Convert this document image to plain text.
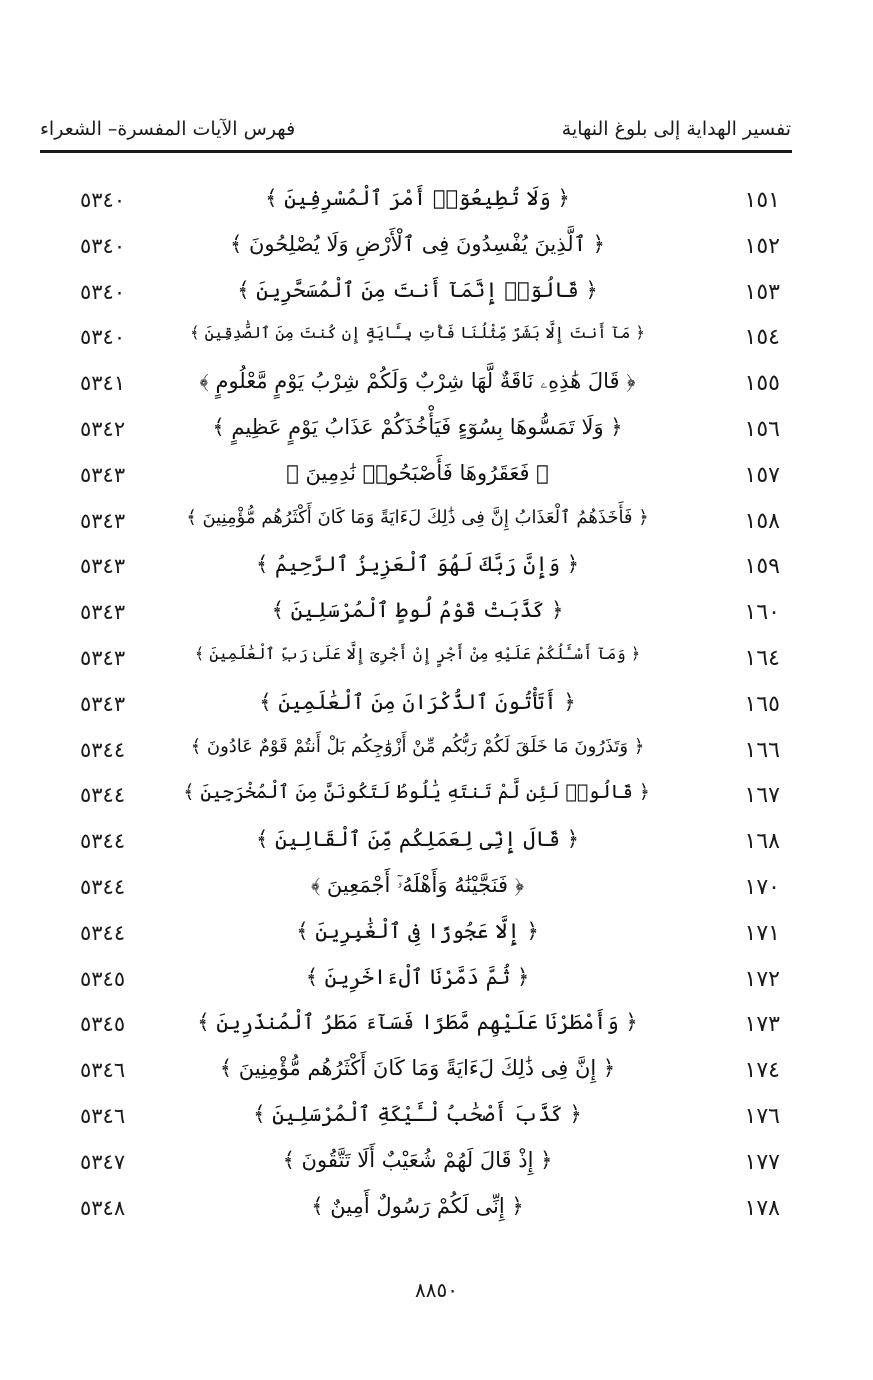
تفسير الهداية إلى بلوغ النهاية
فهرس الآيات المفسرة– الشعراء
١٥١
﴿ وَلَا تُطِيعُوٓا۟ أَمْرَ ٱلْمُسْرِفِينَ ﴾
٥٣٤٠
١٥٢
﴿ ٱلَّذِينَ يُفْسِدُونَ فِى ٱلْأَرْضِ وَلَا يُصْلِحُونَ ﴾
٥٣٤٠
١٥٣
﴿ قَالُوٓا۟ إِنَّمَآ أَنتَ مِنَ ٱلْمُسَحَّرِينَ ﴾
٥٣٤٠
١٥٤
﴿ مَآ أَنتَ إِلَّا بَشَرٌ مِّثْلُنَا فَأْتِ بِـَٔايَةٍ إِن كُنتَ مِنَ ٱلصَّٰدِقِينَ ﴾
٥٣٤٠
١٥٥
﴿ قَالَ هَٰذِهِۦ نَاقَةٌ لَّهَا شِرْبٌ وَلَكُمْ شِرْبُ يَوْمٍ مَّعْلُومٍ ﴾
٥٣٤١
١٥٦
﴿ وَلَا تَمَسُّوهَا بِسُوٓءٍ فَيَأْخُذَكُمْ عَذَابُ يَوْمٍ عَظِيمٍ ﴾
٥٣٤٢
١٥٧
﴿ فَعَقَرُوهَا فَأَصْبَحُوا۟ نَٰدِمِينَ ﴾
٥٣٤٣
١٥٨
﴿ فَأَخَذَهُمُ ٱلْعَذَابُ إِنَّ فِى ذَٰلِكَ لَءَايَةً وَمَا كَانَ أَكْثَرُهُم مُّؤْمِنِينَ ﴾
٥٣٤٣
١٥٩
﴿ وَإِنَّ رَبَّكَ لَهُوَ ٱلْعَزِيزُ ٱلرَّحِيمُ ﴾
٥٣٤٣
١٦٠
﴿ كَذَّبَتْ قَوْمُ لُوطٍ ٱلْمُرْسَلِينَ ﴾
٥٣٤٣
١٦٤
﴿ وَمَآ أَسْـَٔلُكُمْ عَلَيْهِ مِنْ أَجْرٍ إِنْ أَجْرِىَ إِلَّا عَلَىٰ رَبِّ ٱلْعَٰلَمِينَ ﴾
٥٣٤٣
١٦٥
﴿ أَتَأْتُونَ ٱلذُّكْرَانَ مِنَ ٱلْعَٰلَمِينَ ﴾
٥٣٤٣
١٦٦
﴿ وَتَذَرُونَ مَا خَلَقَ لَكُمْ رَبُّكُم مِّنْ أَزْوَٰجِكُم بَلْ أَنتُمْ قَوْمٌ عَادُونَ ﴾
٥٣٤٤
١٦٧
﴿ قَالُوا۟ لَئِن لَّمْ تَنتَهِ يَٰلُوطُ لَتَكُونَنَّ مِنَ ٱلْمُخْرَجِينَ ﴾
٥٣٤٤
١٦٨
﴿ قَالَ إِنِّى لِعَمَلِكُم مِّنَ ٱلْقَالِينَ ﴾
٥٣٤٤
١٧٠
﴿ فَنَجَّيْنَٰهُ وَأَهْلَهُۥٓ أَجْمَعِينَ ﴾
٥٣٤٤
١٧١
﴿ إِلَّا عَجُوزًا فِى ٱلْغَٰبِرِينَ ﴾
٥٣٤٤
١٧٢
﴿ ثُمَّ دَمَّرْنَا ٱلْءَاخَرِينَ ﴾
٥٣٤٥
١٧٣
﴿ وَأَمْطَرْنَا عَلَيْهِم مَّطَرًا فَسَآءَ مَطَرُ ٱلْمُنذَرِينَ ﴾
٥٣٤٥
١٧٤
﴿ إِنَّ فِى ذَٰلِكَ لَءَايَةً وَمَا كَانَ أَكْثَرُهُم مُّؤْمِنِينَ ﴾
٥٣٤٦
١٧٦
﴿ كَذَّبَ أَصْحَٰبُ لْـَٔيْكَةِ ٱلْمُرْسَلِينَ ﴾
٥٣٤٦
١٧٧
﴿ إِذْ قَالَ لَهُمْ شُعَيْبٌ أَلَا تَتَّقُونَ ﴾
٥٣٤٧
١٧٨
﴿ إِنِّى لَكُمْ رَسُولٌ أَمِينٌ ﴾
٥٣٤٨
٨٨٥٠
